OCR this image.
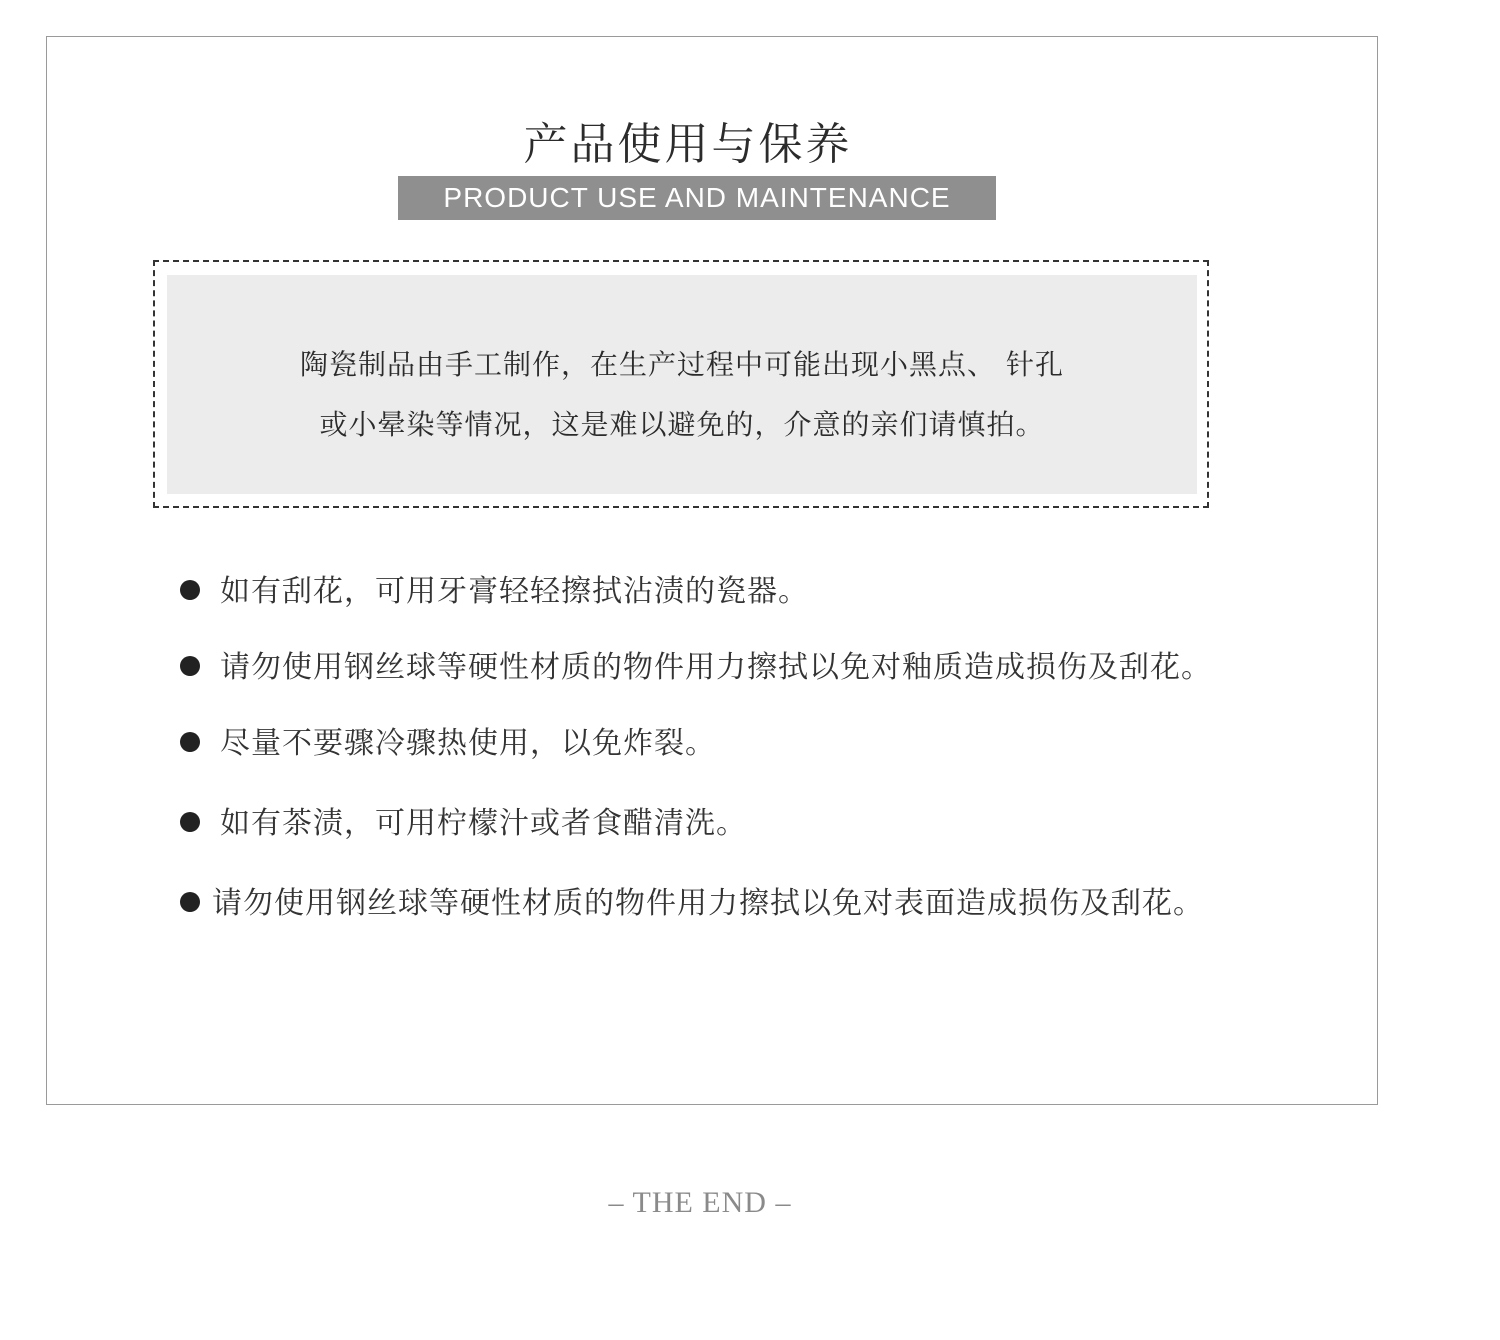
产品使用与保养
PRODUCT USE AND MAINTENANCE
陶瓷制品由手工制作，在生产过程中可能出现小黑点、 针孔
或小晕染等情况，这是难以避免的，介意的亲们请慎拍。
如有刮花，可用牙膏轻轻擦拭沾渍的瓷器。
请勿使用钢丝球等硬性材质的物件用力擦拭以免对釉质造成损伤及刮花。
尽量不要骤冷骤热使用，以免炸裂。
如有茶渍，可用柠檬汁或者食醋清洗。
请勿使用钢丝球等硬性材质的物件用力擦拭以免对表面造成损伤及刮花。
– THE END –
